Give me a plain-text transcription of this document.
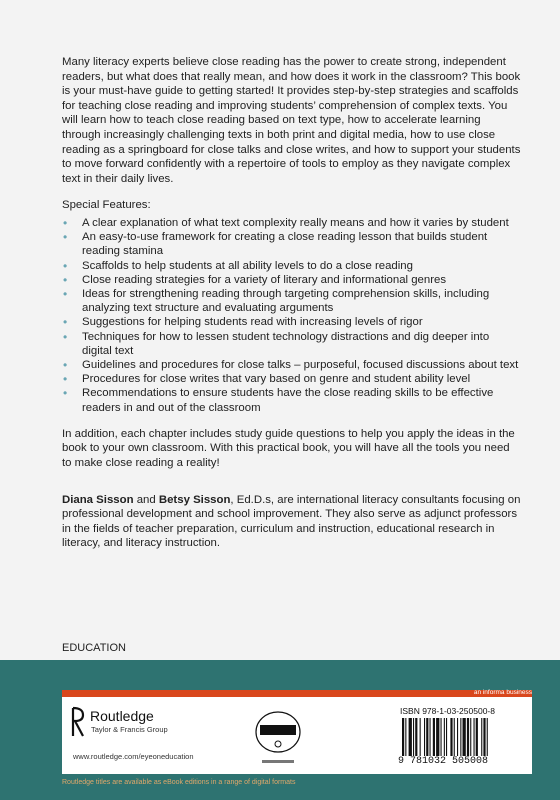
Many literacy experts believe close reading has the power to create strong, independent readers, but what does that really mean, and how does it work in the classroom? This book is your must-have guide to getting started! It provides step-by-step strategies and scaffolds for teaching close reading and improving students’ comprehension of complex texts. You will learn how to teach close reading based on text type, how to accelerate learning through increasingly challenging texts in both print and digital media, how to use close reading as a springboard for close talks and close writes, and how to support your students to move forward confidently with a repertoire of tools to employ as they navigate complex text in their daily lives.

Special Features:

• A clear explanation of what text complexity really means and how it varies by student
• An easy-to-use framework for creating a close reading lesson that builds student reading stamina
• Scaffolds to help students at all ability levels to do a close reading
• Close reading strategies for a variety of literary and informational genres
• Ideas for strengthening reading through targeting comprehension skills, including analyzing text structure and evaluating arguments
• Suggestions for helping students read with increasing levels of rigor
• Techniques for how to lessen student technology distractions and dig deeper into digital text
• Guidelines and procedures for close talks – purposeful, focused discussions about text
• Procedures for close writes that vary based on genre and student ability level
• Recommendations to ensure students have the close reading skills to be effective readers in and out of the classroom

In addition, each chapter includes study guide questions to help you apply the ideas in the book to your own classroom. With this practical book, you will have all the tools you need to make close reading a reality!

Diana Sisson and Betsy Sisson, Ed.D.s, are international literacy consultants focusing on professional development and school improvement. They also serve as adjunct professors in the fields of teacher preparation, curriculum and instruction, educational research in literacy, and literacy instruction.

EDUCATION
an informa business
Routledge
Taylor & Francis Group
www.routledge.com/eyeoneducation
ISBN 978-1-03-250500-8
9 781032 505008
Routledge titles are available as eBook editions in a range of digital formats
